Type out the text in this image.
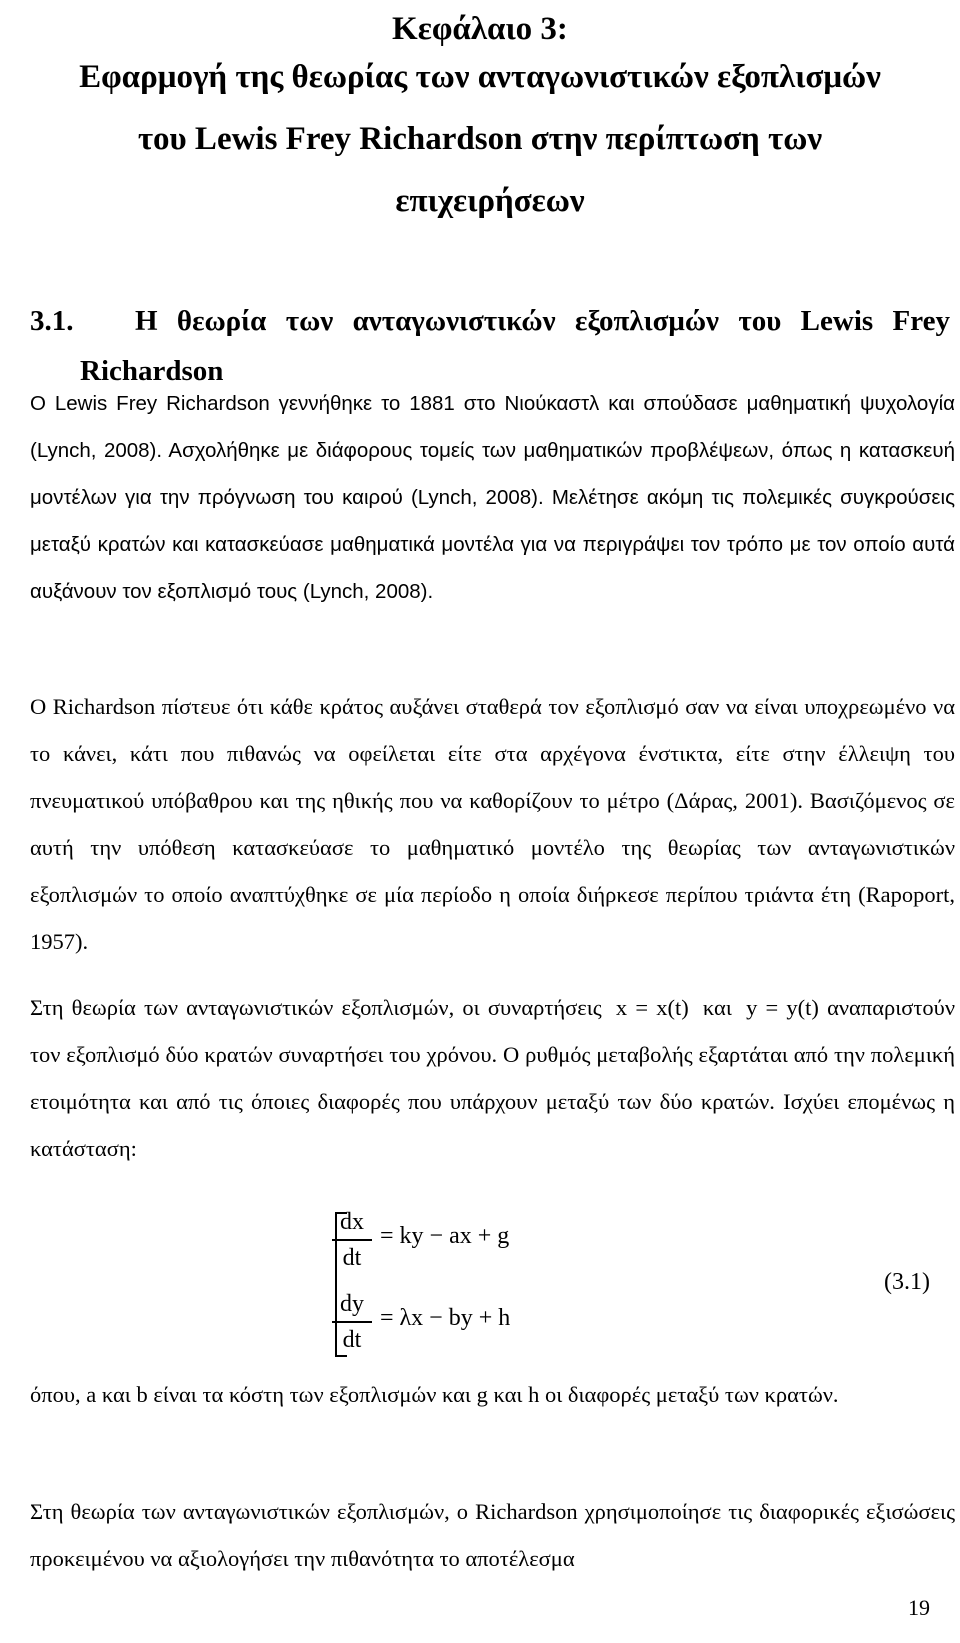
Κεφάλαιο 3:
Εφαρμογή της θεωρίας των ανταγωνιστικών εξοπλισμών
του Lewis Frey Richardson στην περίπτωση των
επιχειρήσεων
3.1. Η θεωρία των ανταγωνιστικών εξοπλισμών του Lewis Frey
Richardson
Ο Lewis Frey Richardson γεννήθηκε το 1881 στο Νιούκαστλ και σπούδασε μαθηματική ψυχολογία (Lynch, 2008). Ασχολήθηκε με διάφορους τομείς των μαθηματικών προβλέψεων, όπως η κατασκευή μοντέλων για την πρόγνωση του καιρού (Lynch, 2008). Μελέτησε ακόμη τις πολεμικές συγκρούσεις μεταξύ κρατών και κατασκεύασε μαθηματικά μοντέλα για να περιγράψει τον τρόπο με τον οποίο αυτά αυξάνουν τον εξοπλισμό τους (Lynch, 2008).
Ο Richardson πίστευε ότι κάθε κράτος αυξάνει σταθερά τον εξοπλισμό σαν να είναι υποχρεωμένο να το κάνει, κάτι που πιθανώς να οφείλεται είτε στα αρχέγονα ένστικτα, είτε στην έλλειψη του πνευματικού υπόβαθρου και της ηθικής που να καθορίζουν το μέτρο (Δάρας, 2001). Βασιζόμενος σε αυτή την υπόθεση κατασκεύασε το μαθηματικό μοντέλο της θεωρίας των ανταγωνιστικών εξοπλισμών το οποίο αναπτύχθηκε σε μία περίοδο η οποία διήρκεσε περίπου τριάντα έτη (Rapoport, 1957).
Στη θεωρία των ανταγωνιστικών εξοπλισμών, οι συναρτήσεις x = x(t) και y = y(t) αναπαριστούν τον εξοπλισμό δύο κρατών συναρτήσει του χρόνου. Ο ρυθμός μεταβολής εξαρτάται από την πολεμική ετοιμότητα και από τις όποιες διαφορές που υπάρχουν μεταξύ των δύο κρατών. Ισχύει επομένως η κατάσταση:
dx
dt
= ky − ax + g
dy
dt
= λx − by + h
(3.1)
όπου, a και b είναι τα κόστη των εξοπλισμών και g και h οι διαφορές μεταξύ των κρατών.
Στη θεωρία των ανταγωνιστικών εξοπλισμών, ο Richardson χρησιμοποίησε τις διαφορικές εξισώσεις προκειμένου να αξιολογήσει την πιθανότητα το αποτέλεσμα
19
